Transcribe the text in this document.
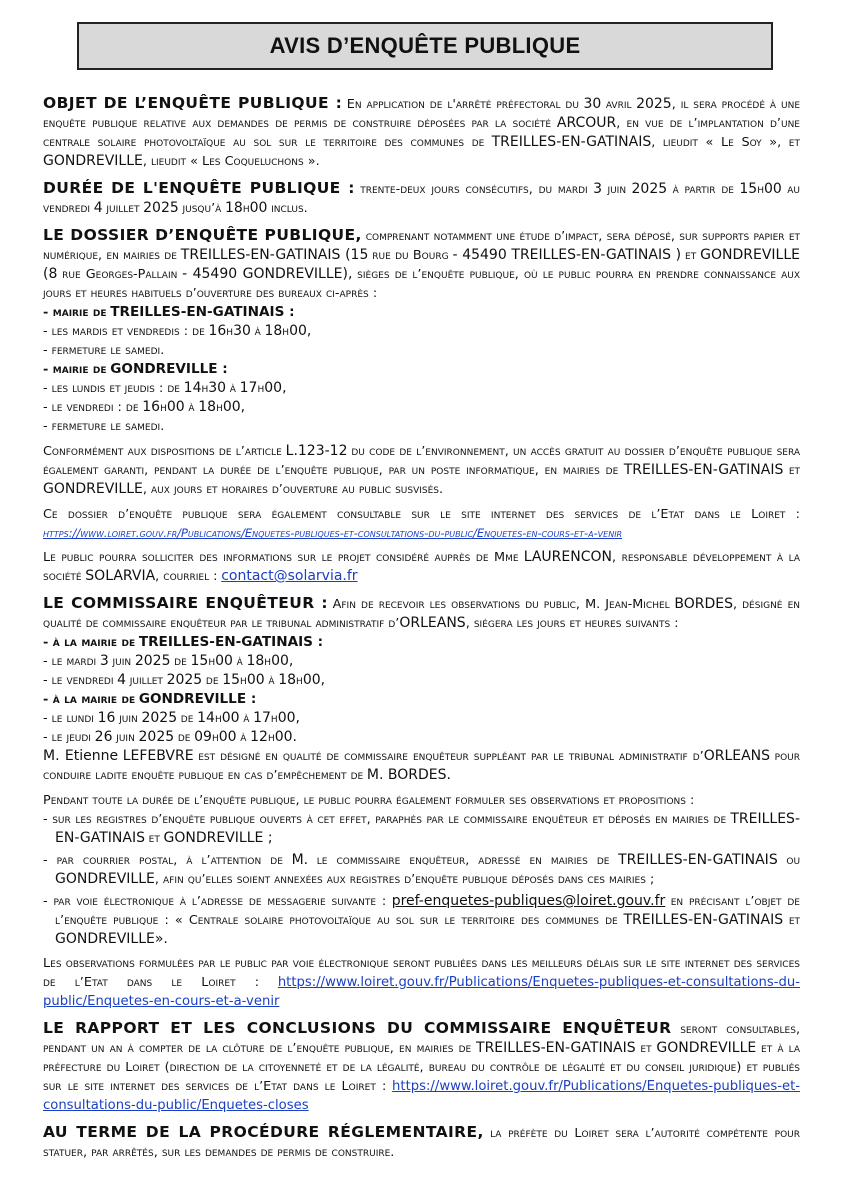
AVIS D’ENQUÊTE PUBLIQUE

OBJET DE L’ENQUÊTE PUBLIQUE : En application de l'arrêté préfectoral du 30 avril 2025, il sera procédé à une enquête publique relative aux demandes de permis de construire déposées par la société ARCOUR, en vue de l’implantation d’une centrale solaire photovoltaïque au sol sur le territoire des communes de TREILLES-EN-GATINAIS, lieudit « Le Soy », et GONDREVILLE, lieudit « Les Coqueluchons ».

DURÉE DE L'ENQUÊTE PUBLIQUE : trente-deux jours consécutifs, du mardi 3 juin 2025 à partir de 15h00 au vendredi 4 juillet 2025 jusqu’à 18h00 inclus.

LE DOSSIER D’ENQUÊTE PUBLIQUE, comprenant notamment une étude d’impact, sera déposé, sur supports papier et numérique, en mairies de TREILLES-EN-GATINAIS (15 rue du Bourg - 45490 TREILLES-EN-GATINAIS ) et GONDREVILLE (8 rue Georges-Pallain - 45490 GONDREVILLE), sièges de l’enquête publique, où le public pourra en prendre connaissance aux jours et heures habituels d’ouverture des bureaux ci-après :

- mairie de TREILLES-EN-GATINAIS :

- les mardis et vendredis : de 16h30 à 18h00,

- fermeture le samedi.

- mairie de GONDREVILLE :

- les lundis et jeudis : de 14h30 à 17h00,

- le vendredi : de 16h00 à 18h00,

- fermeture le samedi.

Conformément aux dispositions de l’article L.123-12 du code de l’environnement, un accès gratuit au dossier d’enquête publique sera également garanti, pendant la durée de l’enquête publique, par un poste informatique, en mairies de TREILLES-EN-GATINAIS et GONDREVILLE, aux jours et horaires d’ouverture au public susvisés.

Ce dossier d’enquête publique sera également consultable sur le site internet des services de l’Etat dans le Loiret : https://www.loiret.gouv.fr/Publications/Enquetes-publiques-et-consultations-du-public/Enquetes-en-cours-et-a-venir

Le public pourra solliciter des informations sur le projet considéré auprès de Mme LAURENCON, responsable développement à la société SOLARVIA, courriel : contact@solarvia.fr

LE COMMISSAIRE ENQUÊTEUR : Afin de recevoir les observations du public, M. Jean-Michel BORDES, désigné en qualité de commissaire enquêteur par le tribunal administratif d’ORLEANS, siégera les jours et heures suivants :

- à la mairie de TREILLES-EN-GATINAIS :

- le mardi 3 juin 2025 de 15h00 à 18h00,

- le vendredi 4 juillet 2025 de 15h00 à 18h00,

- à la mairie de GONDREVILLE :

- le lundi 16 juin 2025 de 14h00 à 17h00,

- le jeudi 26 juin 2025 de 09h00 à 12h00.

M. Etienne LEFEBVRE est désigné en qualité de commissaire enquêteur suppléant par le tribunal administratif d’ORLEANS pour conduire ladite enquête publique en cas d’empêchement de M. BORDES.

Pendant toute la durée de l’enquête publique, le public pourra également formuler ses observations et propositions :

- sur les registres d’enquête publique ouverts à cet effet, paraphés par le commissaire enquêteur et déposés en mairies de TREILLES-EN-GATINAIS et GONDREVILLE ;

- par courrier postal, à l’attention de M. le commissaire enquêteur, adressé en mairies de TREILLES-EN-GATINAIS ou GONDREVILLE, afin qu’elles soient annexées aux registres d’enquête publique déposés dans ces mairies ;

- par voie électronique à l’adresse de messagerie suivante : pref-enquetes-publiques@loiret.gouv.fr en précisant l’objet de l’enquête publique : « Centrale solaire photovoltaïque au sol sur le territoire des communes de TREILLES-EN-GATINAIS et GONDREVILLE».

Les observations formulées par le public par voie électronique seront publiées dans les meilleurs délais sur le site internet des services de l’Etat dans le Loiret : https://www.loiret.gouv.fr/Publications/Enquetes-publiques-et-consultations-du-public/Enquetes-en-cours-et-a-venir

LE RAPPORT ET LES CONCLUSIONS DU COMMISSAIRE ENQUÊTEUR seront consultables, pendant un an à compter de la clôture de l’enquête publique, en mairies de TREILLES-EN-GATINAIS et GONDREVILLE et à la préfecture du Loiret (direction de la citoyenneté et de la légalité, bureau du contrôle de légalité et du conseil juridique) et publiés sur le site internet des services de l’Etat dans le Loiret : https://www.loiret.gouv.fr/Publications/Enquetes-publiques-et-consultations-du-public/Enquetes-closes

AU TERME DE LA PROCÉDURE RÉGLEMENTAIRE, la préfète du Loiret sera l’autorité compétente pour statuer, par arrêtés, sur les demandes de permis de construire.
